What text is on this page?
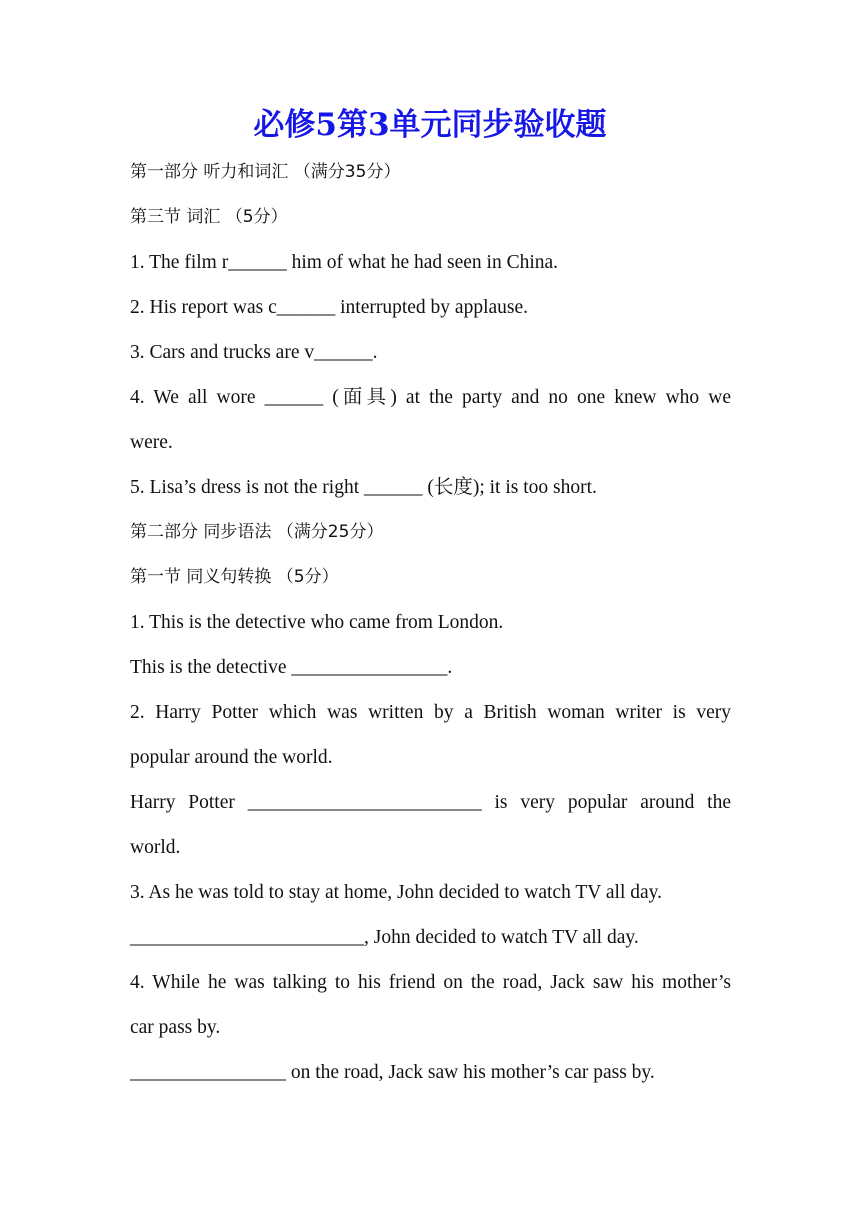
必修5第3单元同步验收题

第一部分 听力和词汇 （满分35分）

第三节 词汇 （5分）

1. The film r______ him of what he had seen in China.

2. His report was c______ interrupted by applause.

3. Cars and trucks are v______.

4. We all wore ______ (面具) at the party and no one knew who we

were.

5. Lisa’s dress is not the right ______ (长度); it is too short.

第二部分 同步语法 （满分25分）

第一节 同义句转换 （5分）

1. This is the detective who came from London.

This is the detective ________________.

2. Harry Potter which was written by a British woman writer is very

popular around the world.

Harry Potter ________________________ is very popular around the

world.

3. As he was told to stay at home, John decided to watch TV all day.

________________________, John decided to watch TV all day.

4. While he was talking to his friend on the road, Jack saw his mother’s

car pass by.

________________ on the road, Jack saw his mother’s car pass by.
